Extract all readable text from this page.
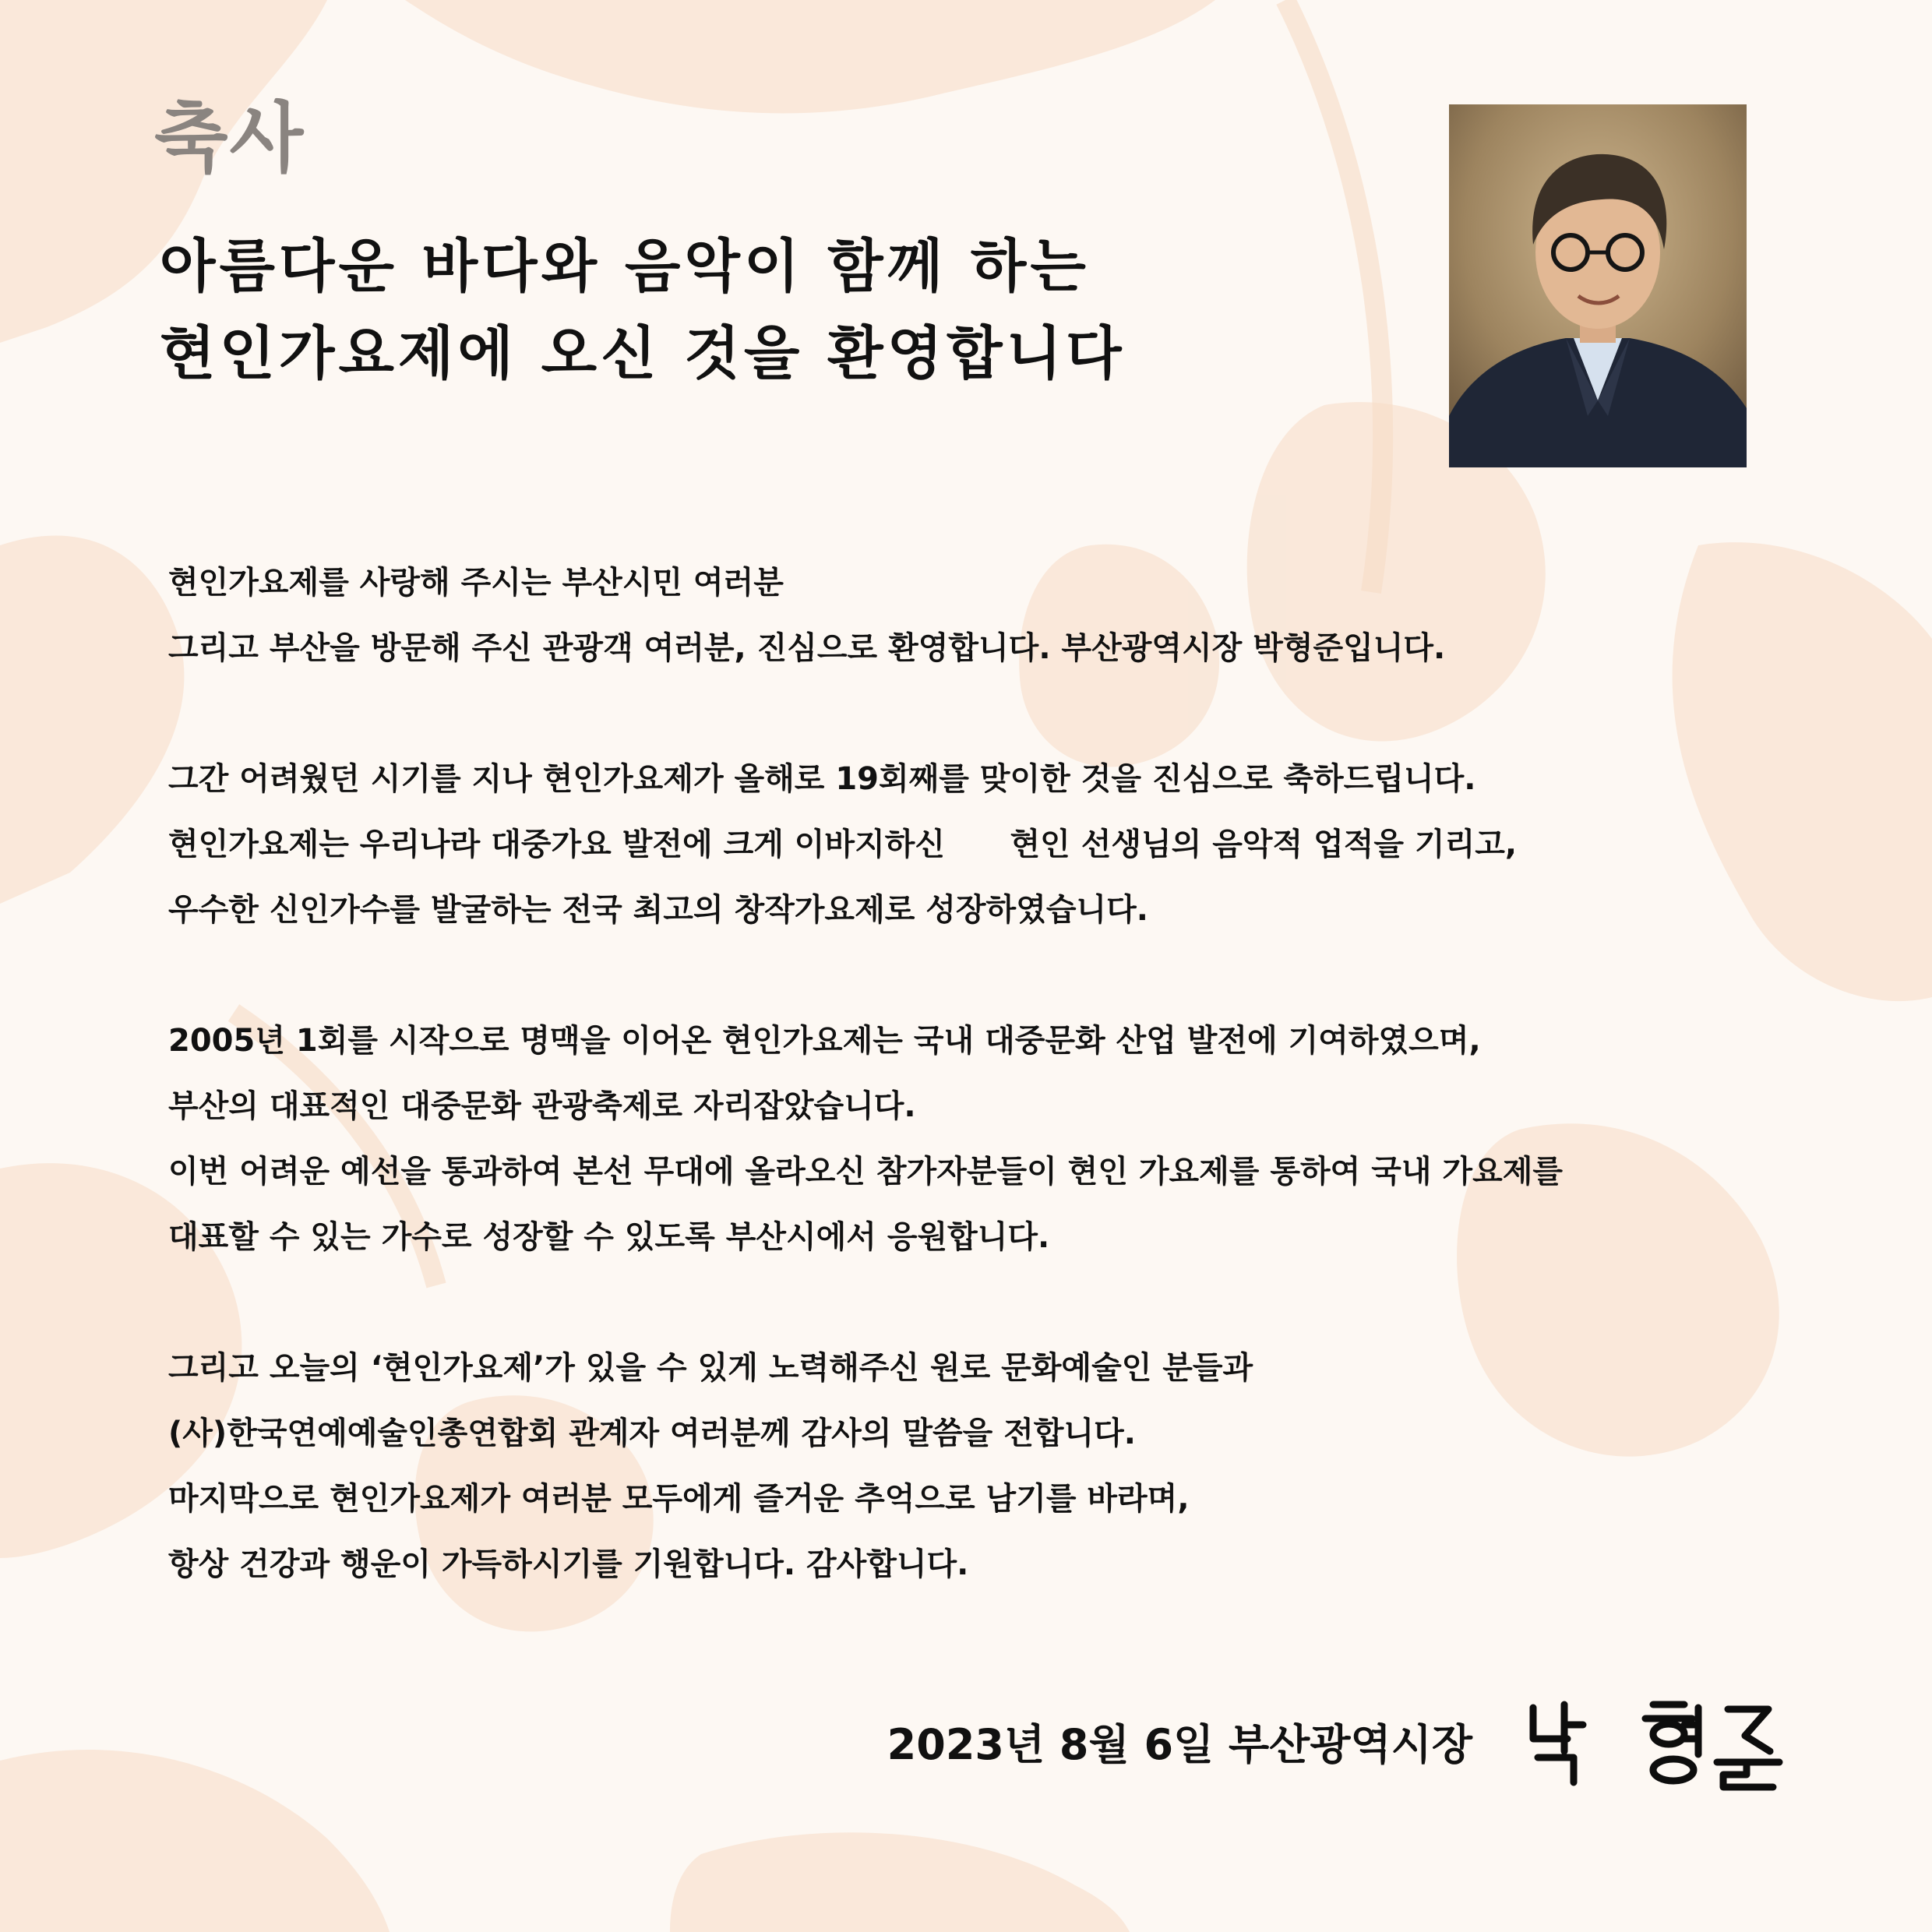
축사
아름다운 바다와 음악이 함께 하는
현인가요제에 오신 것을 환영합니다

현인가요제를 사랑해 주시는 부산시민 여러분
그리고 부산을 방문해 주신 관광객 여러분, 진심으로 환영합니다. 부산광역시장 박형준입니다.

그간 어려웠던 시기를 지나 현인가요제가 올해로 19회째를 맞이한 것을 진심으로 축하드립니다.
현인가요제는 우리나라 대중가요 발전에 크게 이바지하신      현인 선생님의 음악적 업적을 기리고,
우수한 신인가수를 발굴하는 전국 최고의 창작가요제로 성장하였습니다.

2005년 1회를 시작으로 명맥을 이어온 현인가요제는 국내 대중문화 산업 발전에 기여하였으며,
부산의 대표적인 대중문화 관광축제로 자리잡았습니다.
이번 어려운 예선을 통과하여 본선 무대에 올라오신 참가자분들이 현인 가요제를 통하여 국내 가요제를
대표할 수 있는 가수로 성장할 수 있도록 부산시에서 응원합니다.

그리고 오늘의 ‘현인가요제’가 있을 수 있게 노력해주신 원로 문화예술인 분들과
(사)한국연예예술인총연합회 관계자 여러분께 감사의 말씀을 전합니다.
마지막으로 현인가요제가 여러분 모두에게 즐거운 추억으로 남기를 바라며,
항상 건강과 행운이 가득하시기를 기원합니다. 감사합니다.

2023년 8월 6일 부산광역시장
